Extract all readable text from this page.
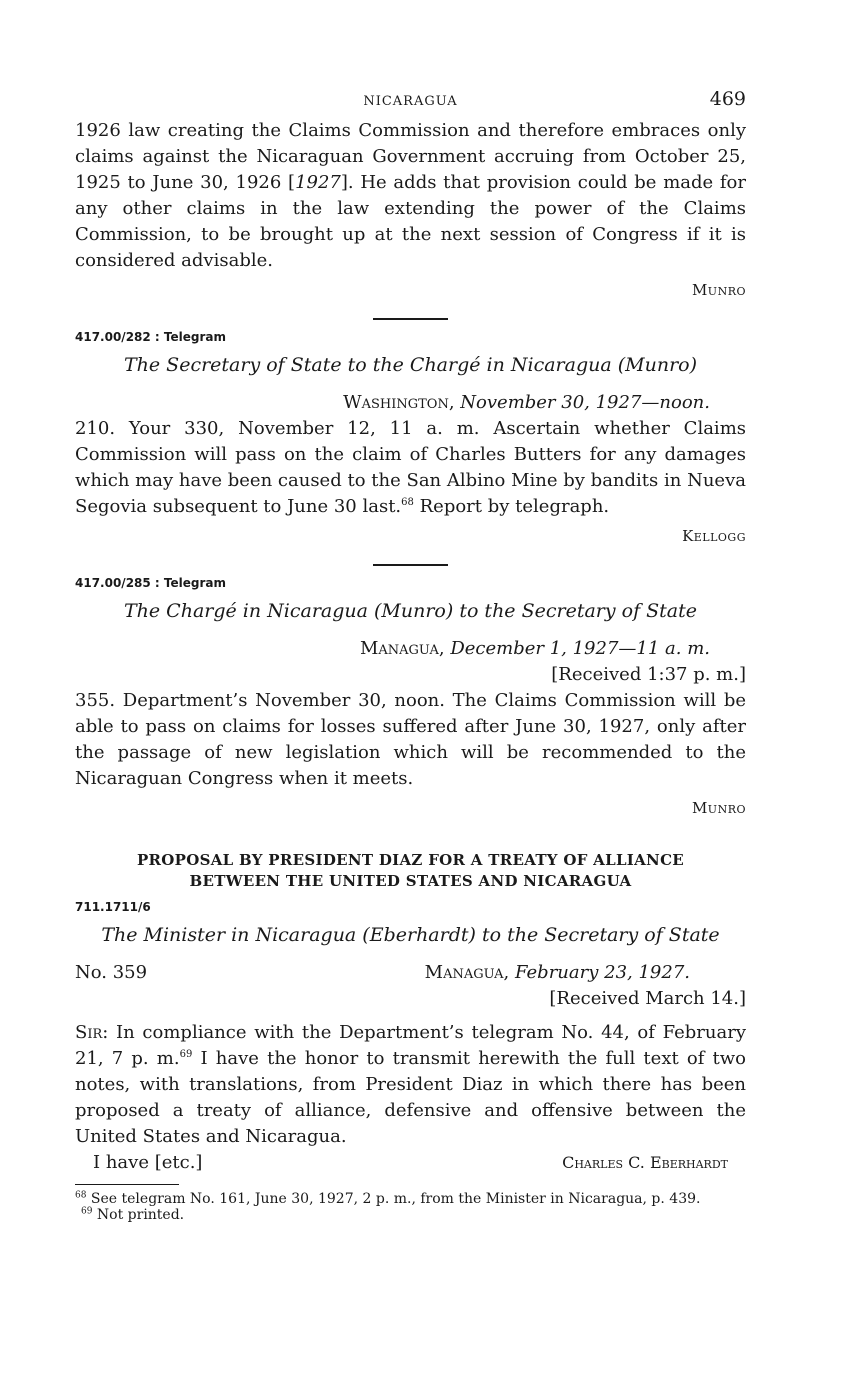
NICARAGUA	469

1926 law creating the Claims Commission and therefore embraces only claims against the Nicaraguan Government accruing from October 25, 1925 to June 30, 1926 [1927]. He adds that provision could be made for any other claims in the law extending the power of the Claims Commission, to be brought up at the next session of Congress if it is considered advisable.

Munro
417.00/282 : Telegram
The Secretary of State to the Chargé in Nicaragua (Munro)
Washington, November 30, 1927—noon.

210. Your 330, November 12, 11 a. m. Ascertain whether Claims Commission will pass on the claim of Charles Butters for any damages which may have been caused to the San Albino Mine by bandits in Nueva Segovia subsequent to June 30 last.$^{68}$ Report by telegraph.

Kellogg
417.00/285 : Telegram
The Chargé in Nicaragua (Munro) to the Secretary of State
Managua, December 1, 1927—11 a. m.
[Received 1:37 p. m.]

355. Department’s November 30, noon. The Claims Commission will be able to pass on claims for losses suffered after June 30, 1927, only after the passage of new legislation which will be recommended to the Nicaraguan Congress when it meets.

Munro
PROPOSAL BY PRESIDENT DIAZ FOR A TREATY OF ALLIANCE
BETWEEN THE UNITED STATES AND NICARAGUA
711.1711/6
The Minister in Nicaragua (Eberhardt) to the Secretary of State
No. 359	Managua, February 23, 1927.
[Received March 14.]

Sir: In compliance with the Department’s telegram No. 44, of February 21, 7 p. m.$^{69}$ I have the honor to transmit herewith the full text of two notes, with translations, from President Diaz in which there has been proposed a treaty of alliance, defensive and offensive between the United States and Nicaragua.

I have [etc.]	Charles C. Eberhardt
$^{68}$ See telegram No. 161, June 30, 1927, 2 p. m., from the Minister in Nicaragua, p. 439.
$^{69}$ Not printed.
